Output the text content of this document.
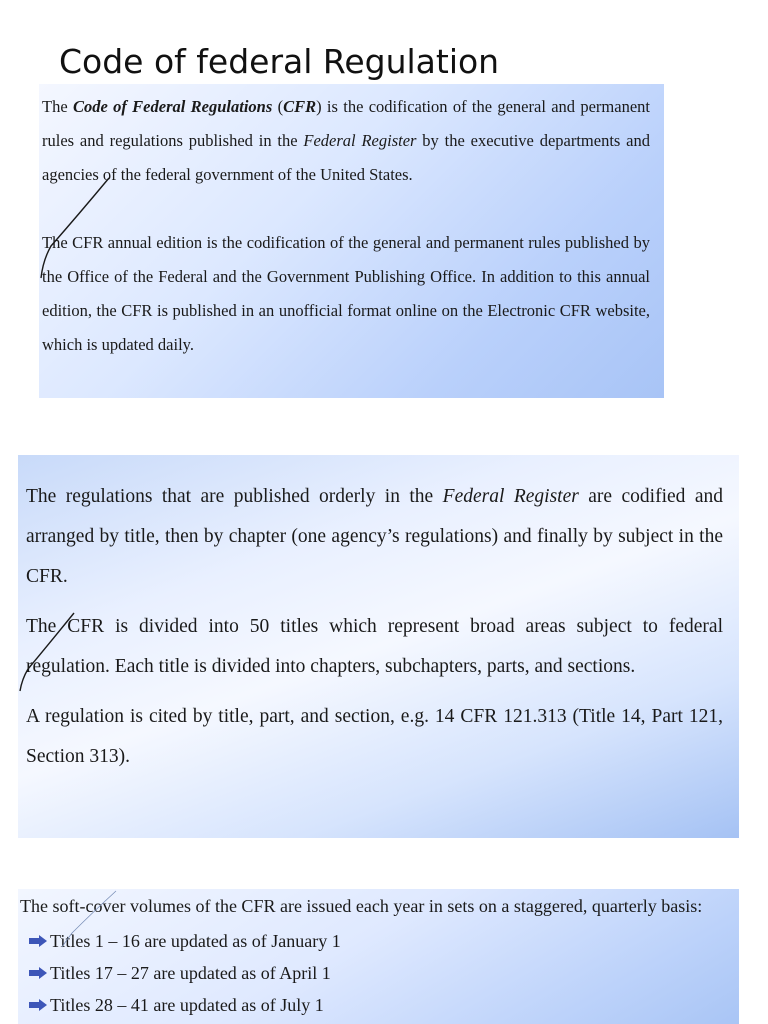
Code of federal Regulation

The Code of Federal Regulations (CFR) is the codification of the general and permanent rules and regulations published in the Federal Register by the executive departments and agencies of the federal government of the United States.

The CFR annual edition is the codification of the general and permanent rules published by the Office of the Federal and the Government Publishing Office. In addition to this annual edition, the CFR is published in an unofficial format online on the Electronic CFR website, which is updated daily.

The regulations that are published orderly in the Federal Register are codified and arranged by title, then by chapter (one agency’s regulations) and finally by subject in the CFR.

The CFR is divided into 50 titles which represent broad areas subject to federal regulation. Each title is divided into chapters, subchapters, parts, and sections.

A regulation is cited by title, part, and section, e.g. 14 CFR 121.313 (Title 14, Part 121, Section 313).

The soft-cover volumes of the CFR are issued each year in sets on a staggered, quarterly basis:

Titles 1 – 16 are updated as of January 1
Titles 17 – 27 are updated as of April 1
Titles 28 – 41 are updated as of July 1
